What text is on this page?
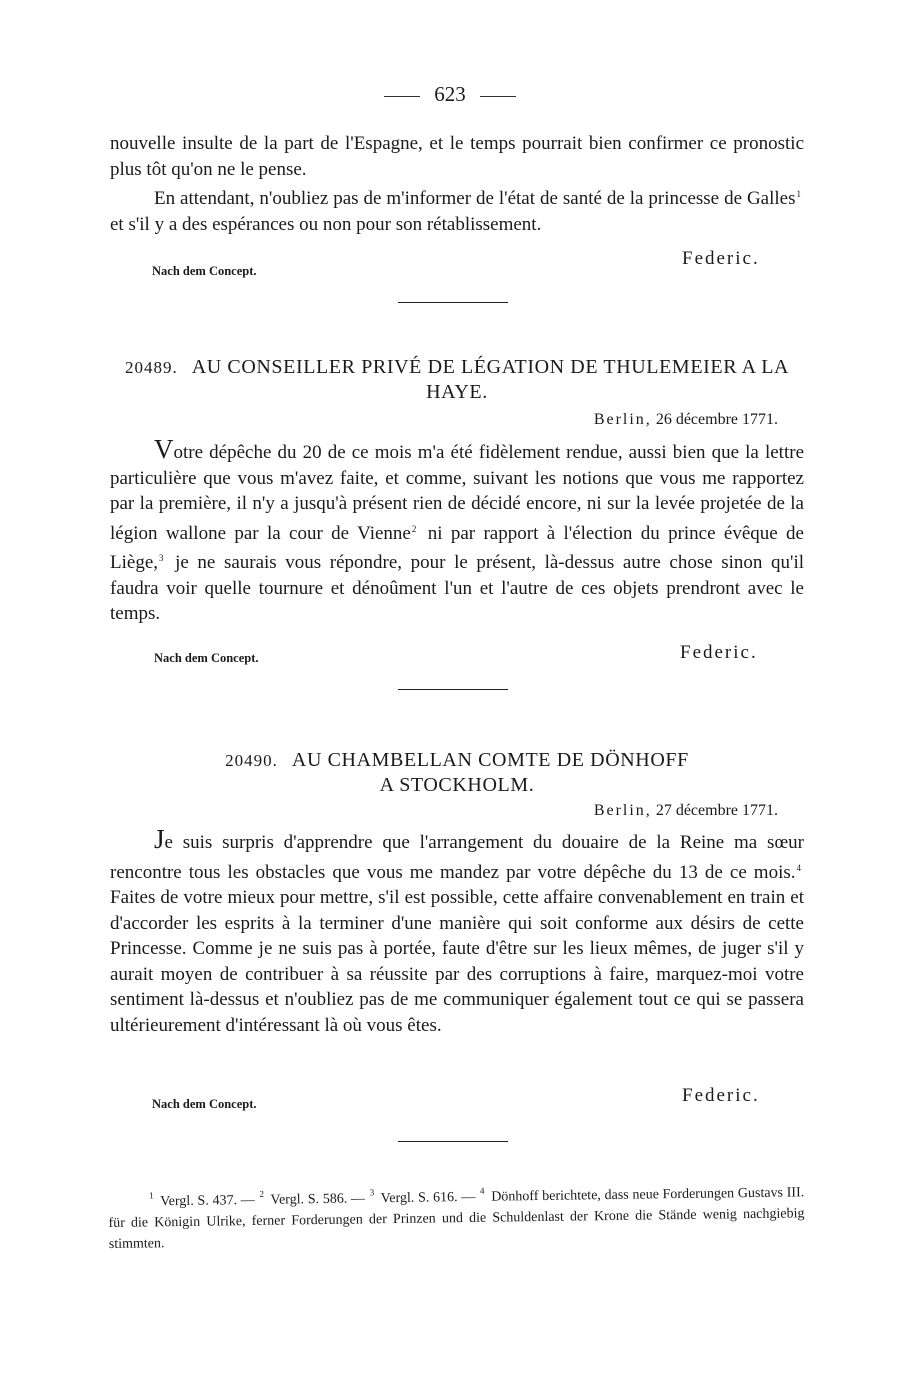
623

nouvelle insulte de la part de l'Espagne, et le temps pourrait bien confirmer ce pronostic plus tôt qu'on ne le pense.

En attendant, n'oubliez pas de m'informer de l'état de santé de la princesse de Galles$^1$ et s'il y a des espérances ou non pour son rétablissement.

Nach dem Concept.
Federic.
20489. AU CONSEILLER PRIVÉ DE LÉGATION DE THULEMEIER A LA HAYE.
Berlin, 26 décembre 1771.

Votre dépêche du 20 de ce mois m'a été fidèlement rendue, aussi bien que la lettre particulière que vous m'avez faite, et comme, suivant les notions que vous me rapportez par la première, il n'y a jusqu'à présent rien de décidé encore, ni sur la levée projetée de la légion wallone par la cour de Vienne$^2$ ni par rapport à l'élection du prince évêque de Liège,$^3$ je ne saurais vous répondre, pour le présent, là-dessus autre chose sinon qu'il faudra voir quelle tournure et dénoûment l'un et l'autre de ces objets prendront avec le temps.

Nach dem Concept.	Federic.
20490. AU CHAMBELLAN COMTE DE DÖNHOFF
A STOCKHOLM.
Berlin, 27 décembre 1771.

Je suis surpris d'apprendre que l'arrangement du douaire de la Reine ma sœur rencontre tous les obstacles que vous me mandez par votre dépêche du 13 de ce mois.$^4$ Faites de votre mieux pour mettre, s'il est possible, cette affaire convenablement en train et d'accorder les esprits à la terminer d'une manière qui soit conforme aux désirs de cette Princesse. Comme je ne suis pas à portée, faute d'être sur les lieux mêmes, de juger s'il y aurait moyen de contribuer à sa réussite par des corruptions à faire, marquez-moi votre sentiment là-dessus et n'oubliez pas de me communiquer également tout ce qui se passera ultérieurement d'intéressant là où vous êtes.

Nach dem Concept.	Federic.
$^1$ Vergl. S. 437. — $^2$ Vergl. S. 586. — $^3$ Vergl. S. 616. — $^4$ Dönhoff berichtete, dass neue Forderungen Gustavs III. für die Königin Ulrike, ferner Forderungen der Prinzen und die Schuldenlast der Krone die Stände wenig nachgiebig stimmten.
